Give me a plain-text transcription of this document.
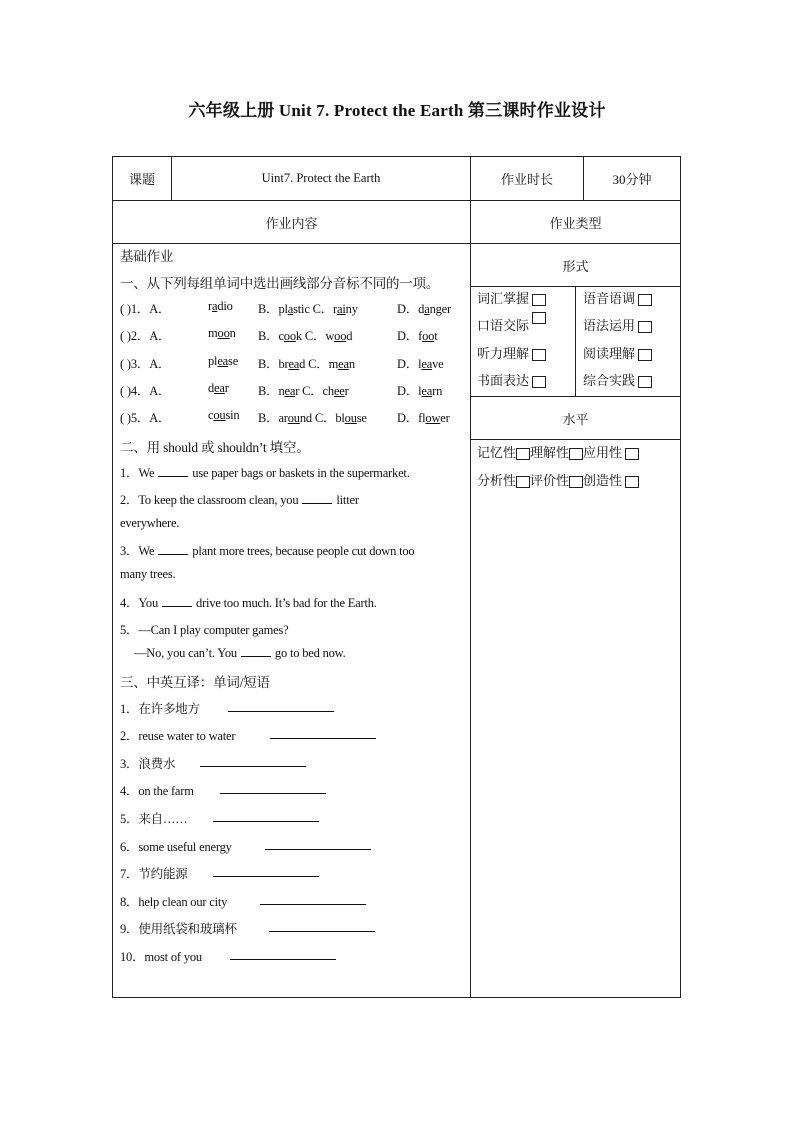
六年级上册 Unit 7. Protect the Earth 第三课时作业设计
课题	Uint7. Protect the Earth	作业时长	30分钟
作业内容	作业类型
形式
水平
词汇掌握	语音语调
口语交际	语法运用
听力理解	阅读理解
书面表达	综合实践
记忆性 理解性 应用性
分析性 评价性 创造性
基础作业
一、从下列每组单词中选出画线部分音标不同的一项。
( )1．A．	radio B．plastic C．rainy	D．danger
( )2．A．	moon B．cook C．wood	D．foot
( )3．A．	please B．bread C．mean	D．leave
( )4．A．	dear B．near C．cheer	D．learn
( )5．A．	cousin B．around C．blouse D．flower
二、用 should 或 shouldn’t 填空。
1．We	use paper bags or baskets in the supermarket.
2．To keep the classroom clean, you	litter
everywhere.
3．We	plant more trees, because people cut down too
many trees.
4．You	drive too much. It’s bad for the Earth.
5．—Can I play computer games?
—No, you can’t. You	go to bed now.
三、中英互译：单词/短语
1．在许多地方
2．reuse water to water
3．浪费水
4．on the farm
5．来自……
6．some useful energy
7．节约能源
8．help clean our city
9．使用纸袋和玻璃杯
10．most of you
